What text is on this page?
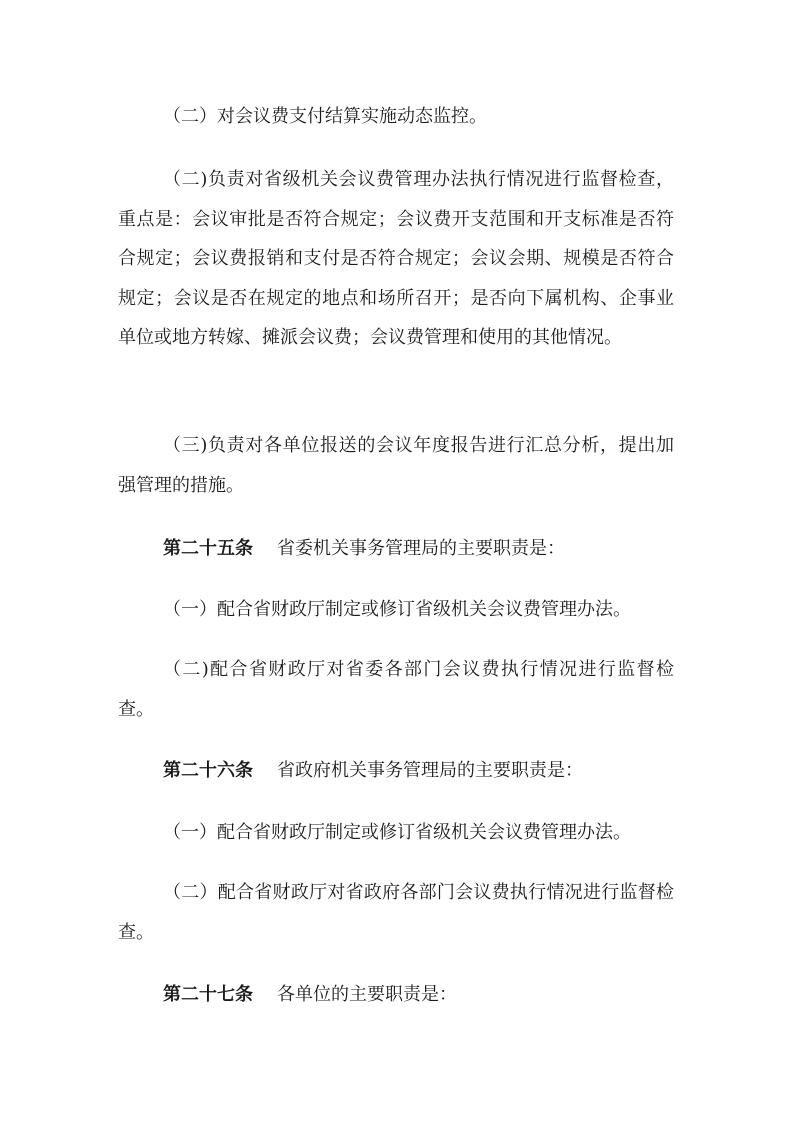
（二）对会议费支付结算实施动态监控。

（二)负责对省级机关会议费管理办法执行情况进行监督检查，重点是：会议审批是否符合规定；会议费开支范围和开支标准是否符合规定；会议费报销和支付是否符合规定；会议会期、规模是否符合规定；会议是否在规定的地点和场所召开；是否向下属机构、企事业单位或地方转嫁、摊派会议费；会议费管理和使用的其他情况。

（三)负责对各单位报送的会议年度报告进行汇总分析，提出加强管理的措施。

第二十五条 省委机关事务管理局的主要职责是：

（一）配合省财政厅制定或修订省级机关会议费管理办法。

（二)配合省财政厅对省委各部门会议费执行情况进行监督检查。

第二十六条 省政府机关事务管理局的主要职责是：

（一）配合省财政厅制定或修订省级机关会议费管理办法。

（二）配合省财政厅对省政府各部门会议费执行情况进行监督检查。

第二十七条 各单位的主要职责是：
